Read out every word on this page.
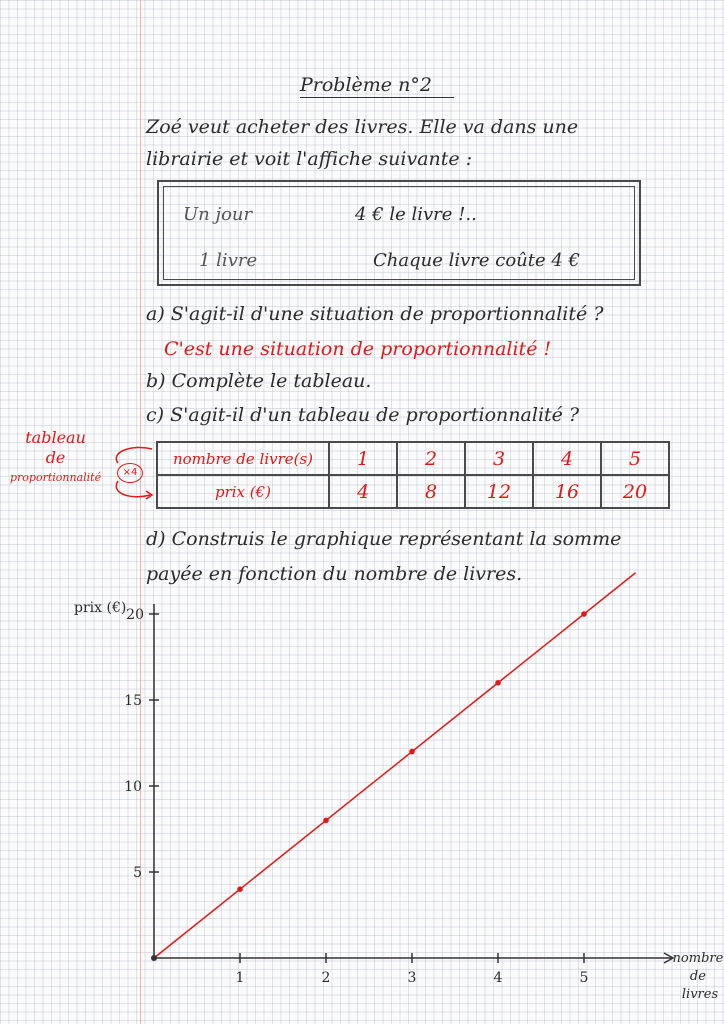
Problème n°2
Zoé veut acheter des livres. Elle va dans une
librairie et voit l'affiche suivante :
Un jour	4 € le livre !..
1 livre	Chaque livre coûte 4 €
a) S'agit-il d'une situation de proportionnalité ?
C'est une situation de proportionnalité !
b) Complète le tableau.
c) S'agit-il d'un tableau de proportionnalité ?
tableau
de
proportionnalité	×4
nombre de livre(s)	1	2	3	4	5
prix (€)	4	8	12	16	20
d) Construis le graphique représentant la somme
payée en fonction du nombre de livres.
1	2	3	4	5
5
10
15
20
prix (€)
nombre de livres
